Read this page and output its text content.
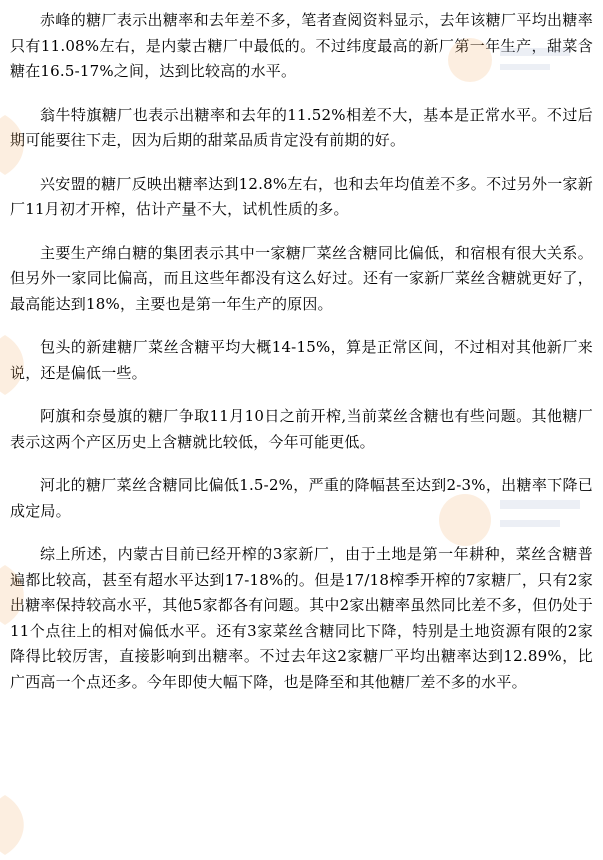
赤峰的糖厂表示出糖率和去年差不多，笔者查阅资料显示，去年该糖厂平均出糖率只有11.08%左右，是内蒙古糖厂中最低的。不过纬度最高的新厂第一年生产，甜菜含糖在16.5-17%之间，达到比较高的水平。

翁牛特旗糖厂也表示出糖率和去年的11.52%相差不大，基本是正常水平。不过后期可能要往下走，因为后期的甜菜品质肯定没有前期的好。

兴安盟的糖厂反映出糖率达到12.8%左右，也和去年均值差不多。不过另外一家新厂11月初才开榨，估计产量不大，试机性质的多。

主要生产绵白糖的集团表示其中一家糖厂菜丝含糖同比偏低，和宿根有很大关系。但另外一家同比偏高，而且这些年都没有这么好过。还有一家新厂菜丝含糖就更好了，最高能达到18%，主要也是第一年生产的原因。

包头的新建糖厂菜丝含糖平均大概14-15%，算是正常区间，不过相对其他新厂来说，还是偏低一些。

阿旗和奈曼旗的糖厂争取11月10日之前开榨,当前菜丝含糖也有些问题。其他糖厂表示这两个产区历史上含糖就比较低，今年可能更低。

河北的糖厂菜丝含糖同比偏低1.5-2%，严重的降幅甚至达到2-3%，出糖率下降已成定局。

综上所述，内蒙古目前已经开榨的3家新厂，由于土地是第一年耕种，菜丝含糖普遍都比较高，甚至有超水平达到17-18%的。但是17/18榨季开榨的7家糖厂，只有2家出糖率保持较高水平，其他5家都各有问题。其中2家出糖率虽然同比差不多，但仍处于11个点往上的相对偏低水平。还有3家菜丝含糖同比下降，特别是土地资源有限的2家降得比较厉害，直接影响到出糖率。不过去年这2家糖厂平均出糖率达到12.89%，比广西高一个点还多。今年即使大幅下降，也是降至和其他糖厂差不多的水平。
